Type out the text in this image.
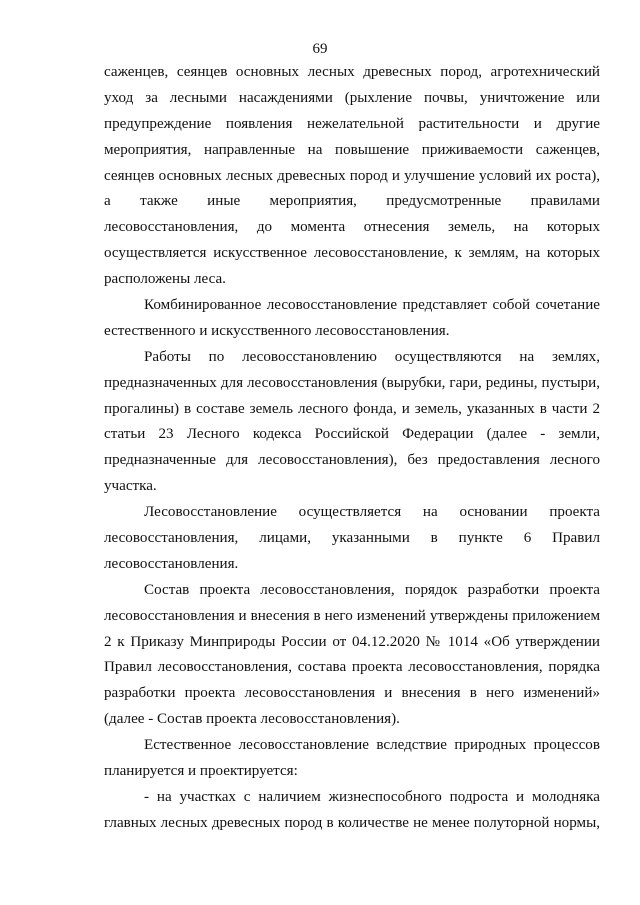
69
саженцев, сеянцев основных лесных древесных пород, агротехнический
уход за лесными насаждениями (рыхление почвы, уничтожение или
предупреждение появления нежелательной растительности и другие
мероприятия, направленные на повышение приживаемости саженцев,
сеянцев основных лесных древесных пород и улучшение условий их роста),
а также иные мероприятия, предусмотренные правилами
лесовосстановления, до момента отнесения земель, на которых
осуществляется искусственное лесовосстановление, к землям, на которых
расположены леса.
Комбинированное лесовосстановление представляет собой сочетание
естественного и искусственного лесовосстановления.
Работы по лесовосстановлению осуществляются на землях,
предназначенных для лесовосстановления (вырубки, гари, редины, пустыри,
прогалины) в составе земель лесного фонда, и земель, указанных в части 2
статьи 23 Лесного кодекса Российской Федерации (далее - земли,
предназначенные для лесовосстановления), без предоставления лесного
участка.
Лесовосстановление осуществляется на основании проекта
лесовосстановления, лицами, указанными в пункте 6 Правил
лесовосстановления.
Состав проекта лесовосстановления, порядок разработки проекта
лесовосстановления и внесения в него изменений утверждены приложением
2 к Приказу Минприроды России от 04.12.2020 № 1014 «Об утверждении
Правил лесовосстановления, состава проекта лесовосстановления, порядка
разработки проекта лесовосстановления и внесения в него изменений»
(далее - Состав проекта лесовосстановления).
Естественное лесовосстановление вследствие природных процессов
планируется и проектируется:
- на участках с наличием жизнеспособного подроста и молодняка
главных лесных древесных пород в количестве не менее полуторной нормы,
